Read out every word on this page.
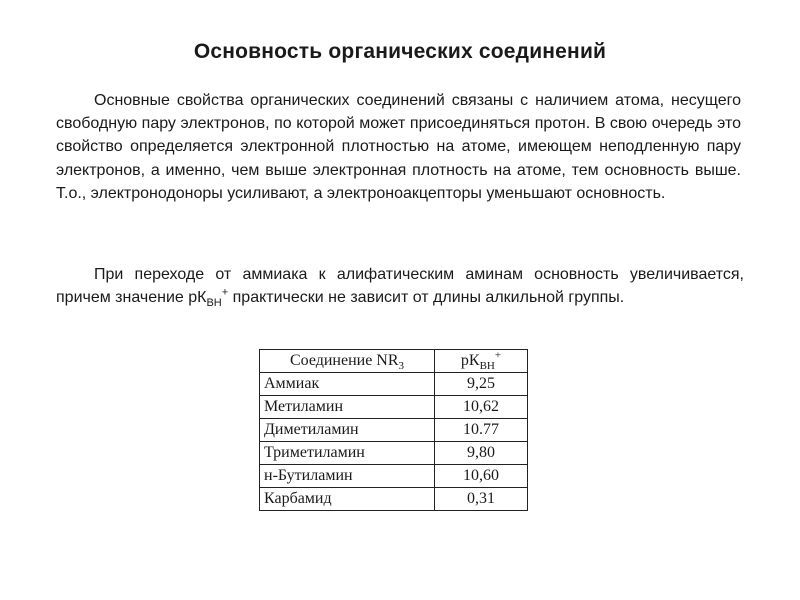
Основность органических соединений

Основные свойства органических соединений связаны с наличием атома, несущего свободную пару электронов, по которой может присоединяться протон. В свою очередь это свойство определяется электронной плотностью на атоме, имеющем неподленную пару электронов, а именно, чем выше электронная плотность на атоме, тем основность выше. Т.о., электронодоноры усиливают, а электроноакцепторы уменьшают основность.

При переходе от аммиака к алифатическим аминам основность увеличивается, причем значение $рК_{ВН}^+$ практически не зависит от длины алкильной группы.

Соединение $NR_3$	$рК_{ВН}^+$
Аммиак	9,25
Метиламин	10,62
Диметиламин	10.77
Триметиламин	9,80
н-Бутиламин	10,60
Карбамид	0,31
